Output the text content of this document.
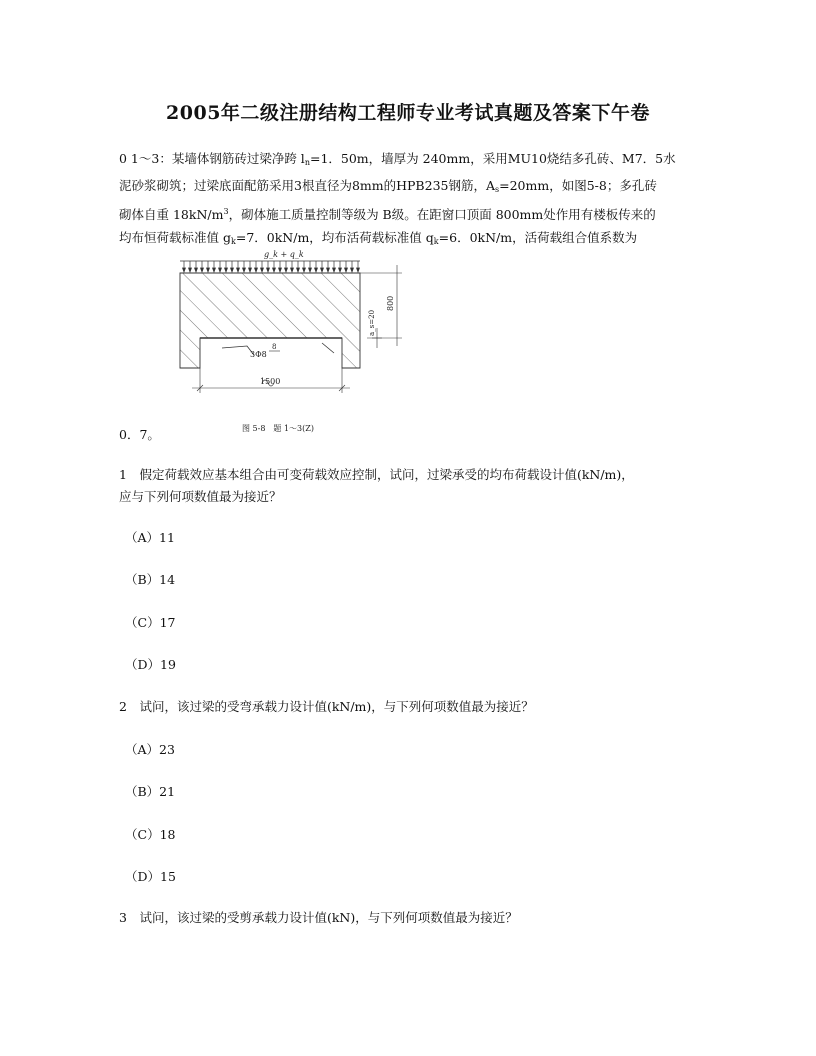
2005年二级注册结构工程师专业考试真题及答案下午卷
0 1～3：某墙体钢筋砖过梁净跨 $l_n=1$．50m，墙厚为 240mm，采用MU10烧结多孔砖、M7．5水
泥砂浆砌筑；过梁底面配筋采用3根直径为8mm的HPB235钢筋，$A_s=20mm$，如图5-8；多孔砖
砌体自重 $18kN/m^3$，砌体施工质量控制等级为 B级。在距窗口顶面 800mm处作用有楼板传来的
均布恒荷载标准值 $g_k=7$．0kN/m，均布活荷载标准值 $q_k=6$．0kN/m，活荷载组合值系数为
g_k + q_k
3Φ8
8
800
a_s=20
1500
图 5-8　题 1～3(Z)
0．7。
1　假定荷载效应基本组合由可变荷载效应控制，试问，过梁承受的均布荷载设计值(kN/m)，
应与下列何项数值最为接近？
（A）11
（B）14
（C）17
（D）19
2　试问，该过梁的受弯承载力设计值(kN/m)，与下列何项数值最为接近？
（A）23
（B）21
（C）18
（D）15
3　试问，该过梁的受剪承载力设计值(kN)，与下列何项数值最为接近？
